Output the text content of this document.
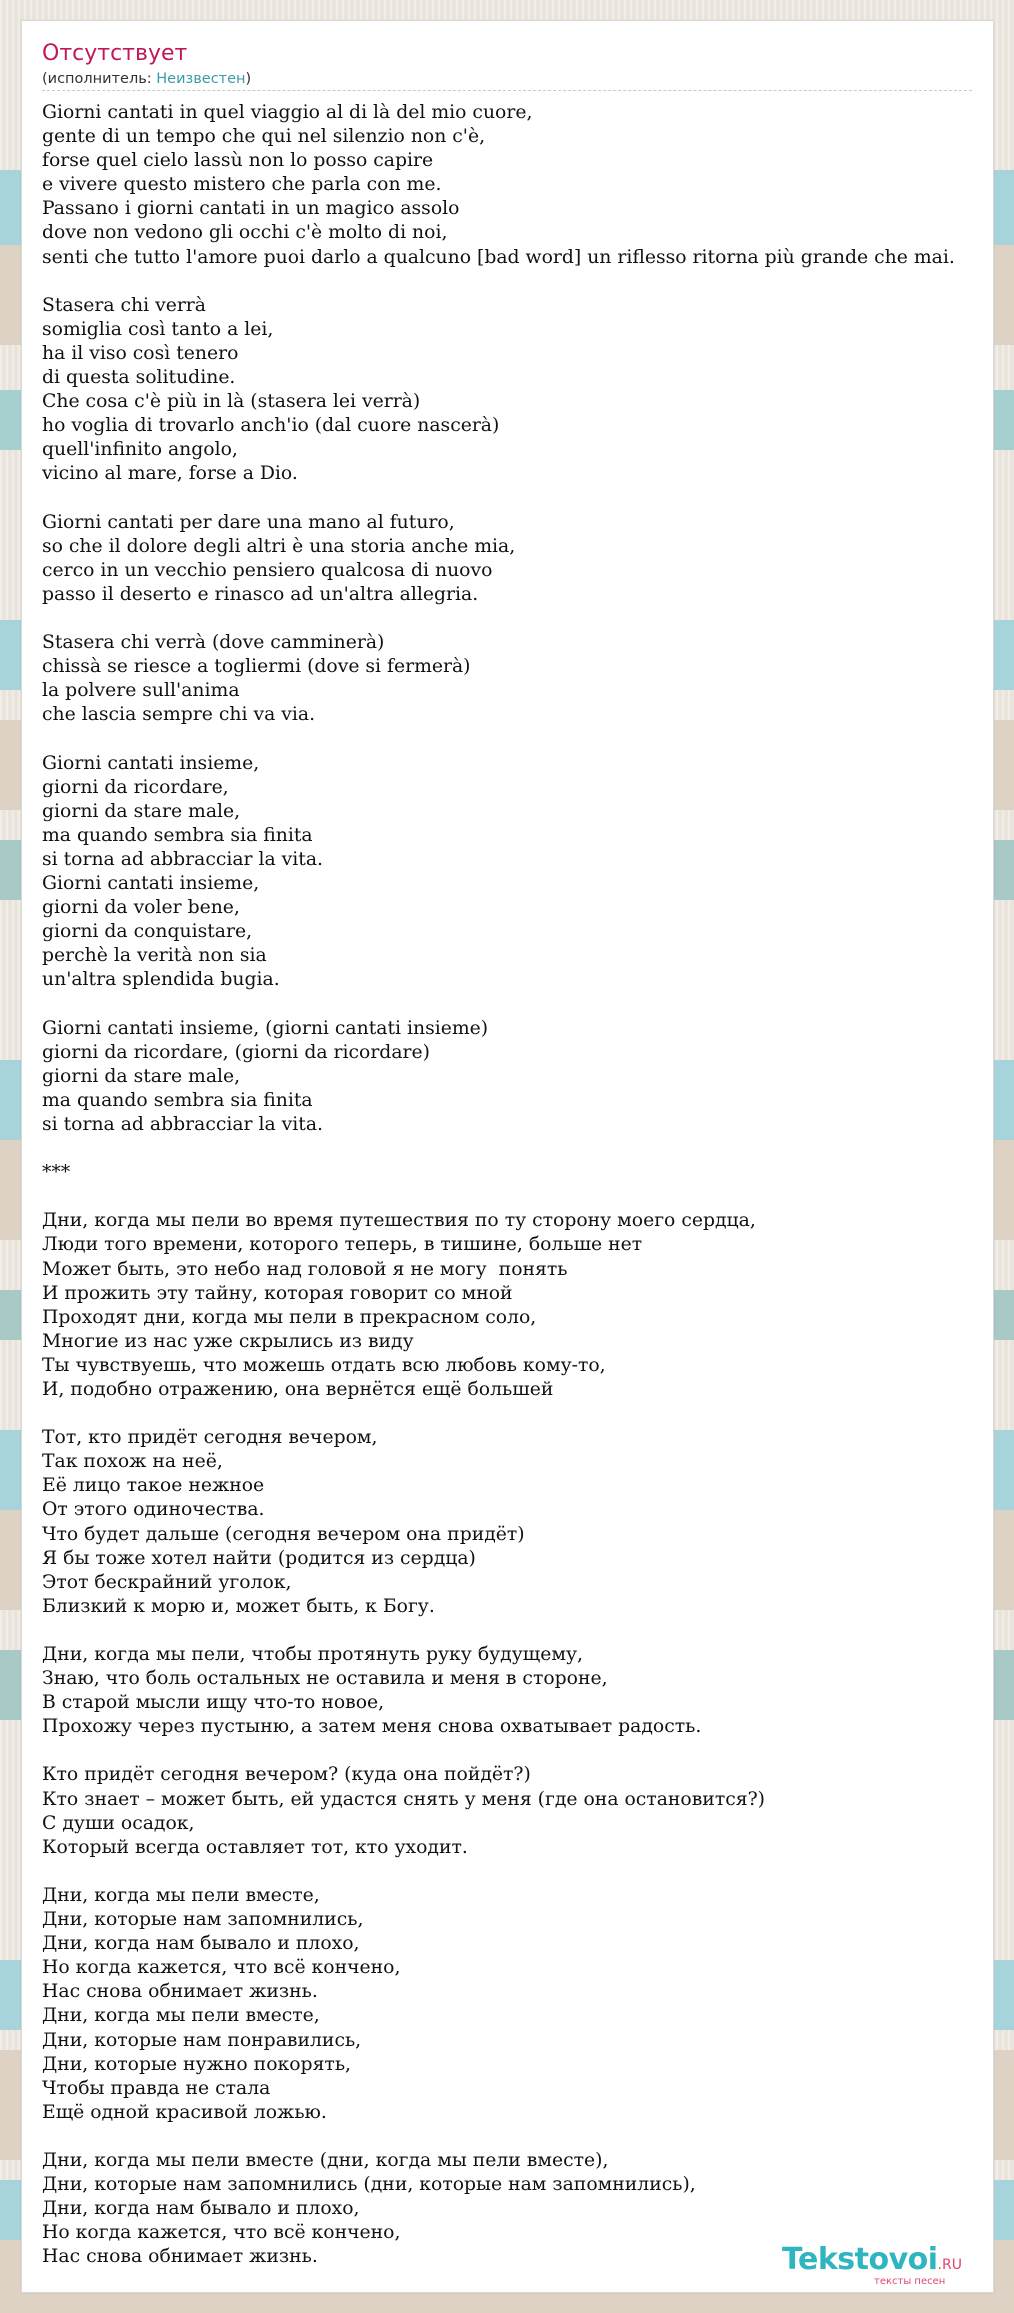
Отсутствует
(исполнитель: Неизвестен)
Giorni cantati in quel viaggio al di là del mio cuore,
gente di un tempo che qui nel silenzio non c'è,
forse quel cielo lassù non lo posso capire
e vivere questo mistero che parla con me.
Passano i giorni cantati in un magico assolo
dove non vedono gli occhi c'è molto di noi,
senti che tutto l'amore puoi darlo a qualcuno [bad word] un riflesso ritorna più grande che mai.

Stasera chi verrà
somiglia così tanto a lei,
ha il viso così tenero
di questa solitudine.
Che cosa c'è più in là (stasera lei verrà)
ho voglia di trovarlo anch'io (dal cuore nascerà)
quell'infinito angolo,
vicino al mare, forse a Dio.

Giorni cantati per dare una mano al futuro,
so che il dolore degli altri è una storia anche mia,
cerco in un vecchio pensiero qualcosa di nuovo
passo il deserto e rinasco ad un'altra allegria.

Stasera chi verrà (dove camminerà)
chissà se riesce a togliermi (dove si fermerà)
la polvere sull'anima
che lascia sempre chi va via.

Giorni cantati insieme,
giorni da ricordare,
giorni da stare male,
ma quando sembra sia finita
si torna ad abbracciar la vita.
Giorni cantati insieme,
giorni da voler bene,
giorni da conquistare,
perchè la verità non sia
un'altra splendida bugia.

Giorni cantati insieme, (giorni cantati insieme)
giorni da ricordare, (giorni da ricordare)
giorni da stare male,
ma quando sembra sia finita
si torna ad abbracciar la vita.

***

Дни, когда мы пели во время путешествия по ту сторону моего сердца,
Люди того времени, которого теперь, в тишине, больше нет
Может быть, это небо над головой я не могу  понять
И прожить эту тайну, которая говорит со мной
Проходят дни, когда мы пели в прекрасном соло,
Многие из нас уже скрылись из виду
Ты чувствуешь, что можешь отдать всю любовь кому-то,
И, подобно отражению, она вернётся ещё большей

Тот, кто придёт сегодня вечером,
Так похож на неё,
Её лицо такое нежное
От этого одиночества.
Что будет дальше (сегодня вечером она придёт)
Я бы тоже хотел найти (родится из сердца)
Этот бескрайний уголок,
Близкий к морю и, может быть, к Богу.

Дни, когда мы пели, чтобы протянуть руку будущему,
Знаю, что боль остальных не оставила и меня в стороне,
В старой мысли ищу что-то новое,
Прохожу через пустыню, а затем меня снова охватывает радость.

Кто придёт сегодня вечером? (куда она пойдёт?)
Кто знает – может быть, ей удастся снять у меня (где она остановится?)
С души осадок,
Который всегда оставляет тот, кто уходит.

Дни, когда мы пели вместе,
Дни, которые нам запомнились,
Дни, когда нам бывало и плохо,
Но когда кажется, что всё кончено,
Нас снова обнимает жизнь.
Дни, когда мы пели вместе,
Дни, которые нам понравились,
Дни, которые нужно покорять,
Чтобы правда не стала
Ещё одной красивой ложью.

Дни, когда мы пели вместе (дни, когда мы пели вместе),
Дни, которые нам запомнились (дни, которые нам запомнились),
Дни, когда нам бывало и плохо,
Но когда кажется, что всё кончено,
Нас снова обнимает жизнь.	Tekstovoi.RU
тексты песен
